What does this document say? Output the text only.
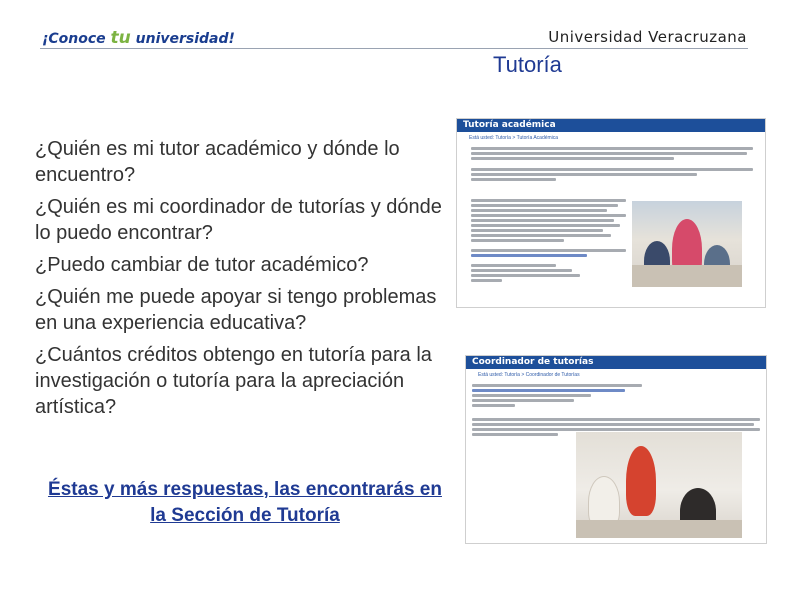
¡Conoce tu universidad!	Universidad Veracruzana
Tutoría

¿Quién es mi tutor académico y dónde lo encuentro?

¿Quién es mi coordinador de tutorías y dónde lo puedo encontrar?

¿Puedo cambiar de tutor académico?

¿Quién me puede apoyar si tengo problemas en una experiencia educativa?

¿Cuántos créditos obtengo en tutoría para la investigación o tutoría para la apreciación artística?

Éstas y más respuestas, las encontrarás en la Sección de Tutoría
Tutoría académica
Está usted: Tutoría > Tutoría Académica
Coordinador de tutorías
Está usted: Tutoría > Coordinador de Tutorías
